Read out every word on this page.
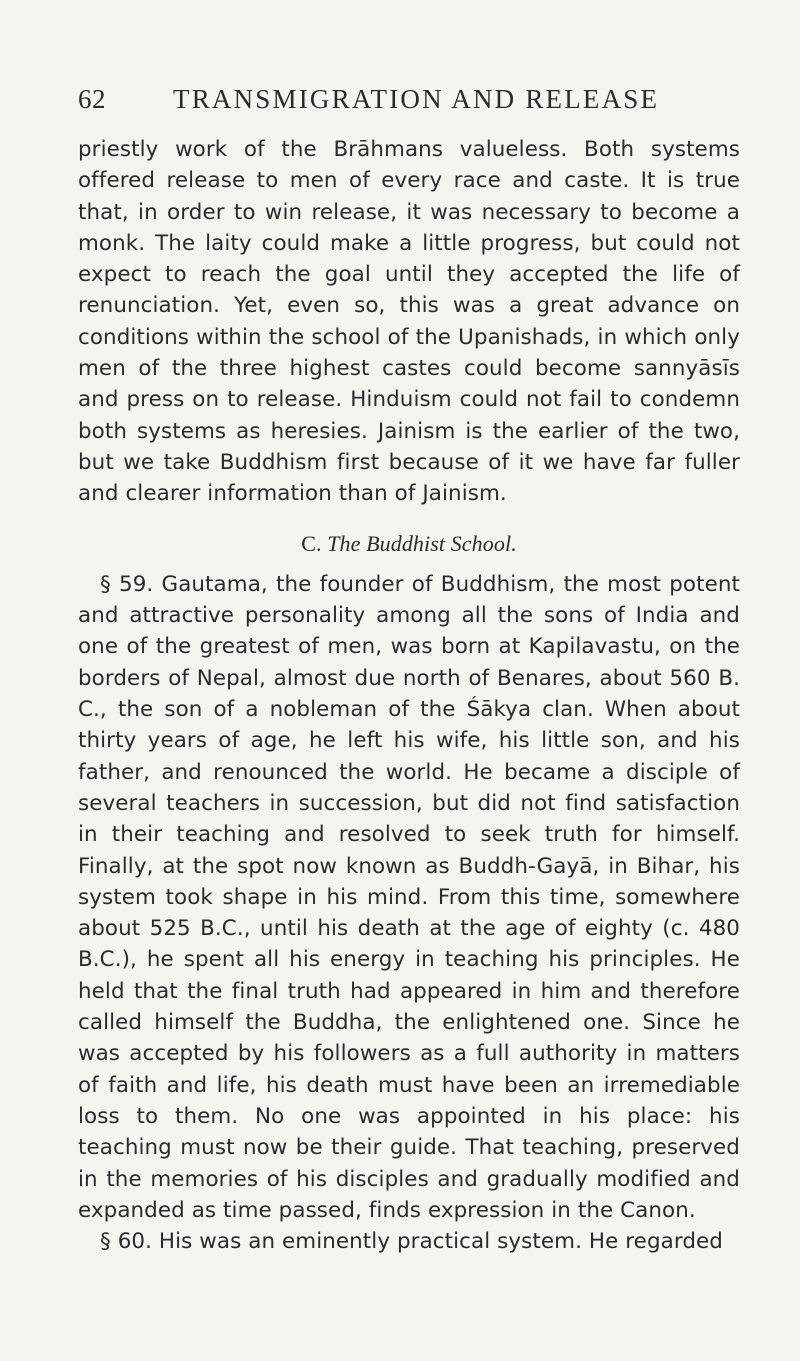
62 TRANSMIGRATION AND RELEASE

priestly work of the Brāhmans valueless. Both systems offered release to men of every race and caste. It is true that, in order to win release, it was necessary to become a monk. The laity could make a little progress, but could not expect to reach the goal until they accepted the life of renunciation. Yet, even so, this was a great advance on conditions within the school of the Upanishads, in which only men of the three highest castes could become sannyāsīs and press on to release. Hinduism could not fail to condemn both systems as heresies. Jainism is the earlier of the two, but we take Buddhism first because of it we have far fuller and clearer information than of Jainism.

C. The Buddhist School.

§ 59. Gautama, the founder of Buddhism, the most potent and attractive personality among all the sons of India and one of the greatest of men, was born at Kapilavastu, on the borders of Nepal, almost due north of Benares, about 560 B. C., the son of a nobleman of the Śākya clan. When about thirty years of age, he left his wife, his little son, and his father, and renounced the world. He became a disciple of several teachers in succession, but did not find satisfaction in their teaching and resolved to seek truth for himself. Finally, at the spot now known as Buddh-Gayā, in Bihar, his system took shape in his mind. From this time, somewhere about 525 B.C., until his death at the age of eighty (c. 480 B.C.), he spent all his energy in teaching his principles. He held that the final truth had appeared in him and therefore called himself the Buddha, the enlightened one. Since he was accepted by his followers as a full authority in matters of faith and life, his death must have been an irremediable loss to them. No one was appointed in his place: his teaching must now be their guide. That teaching, preserved in the memories of his disciples and gradually modified and expanded as time passed, finds expression in the Canon.

§ 60. His was an eminently practical system. He regarded
